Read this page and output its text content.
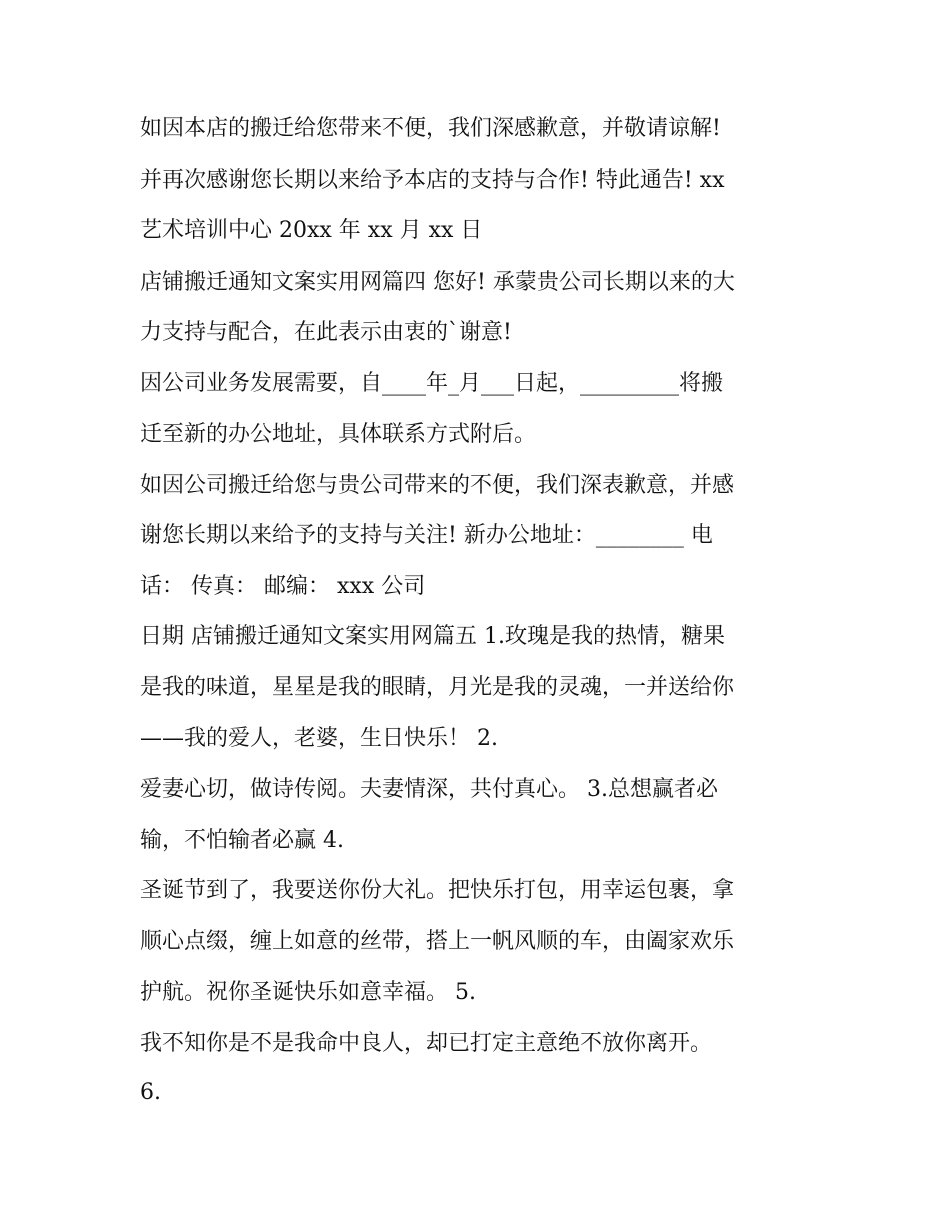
如因本店的搬迁给您带来不便，我们深感歉意，并敬请谅解!

并再次感谢您长期以来给予本店的支持与合作! 特此通告! xx

艺术培训中心 20xx 年 xx 月 xx 日

店铺搬迁通知文案实用网篇四 您好! 承蒙贵公司长期以来的大

力支持与配合，在此表示由衷的`谢意!

因公司业务发展需要，自____年_月___日起，_________将搬

迁至新的办公地址，具体联系方式附后。

如因公司搬迁给您与贵公司带来的不便，我们深表歉意，并感

谢您长期以来给予的支持与关注! 新办公地址：________ 电

话： 传真： 邮编： xxx 公司

日期 店铺搬迁通知文案实用网篇五 1.玫瑰是我的热情，糖果

是我的味道，星星是我的眼睛，月光是我的灵魂，一并送给你

——我的爱人，老婆，生日快乐！ 2.

爱妻心切，做诗传阅。夫妻情深，共付真心。 3.总想赢者必

输，不怕输者必赢 4.

圣诞节到了，我要送你份大礼。把快乐打包，用幸运包裹，拿

顺心点缀，缠上如意的丝带，搭上一帆风顺的车，由阖家欢乐

护航。祝你圣诞快乐如意幸福。 5.

我不知你是不是我命中良人，却已打定主意绝不放你离开。

6.
